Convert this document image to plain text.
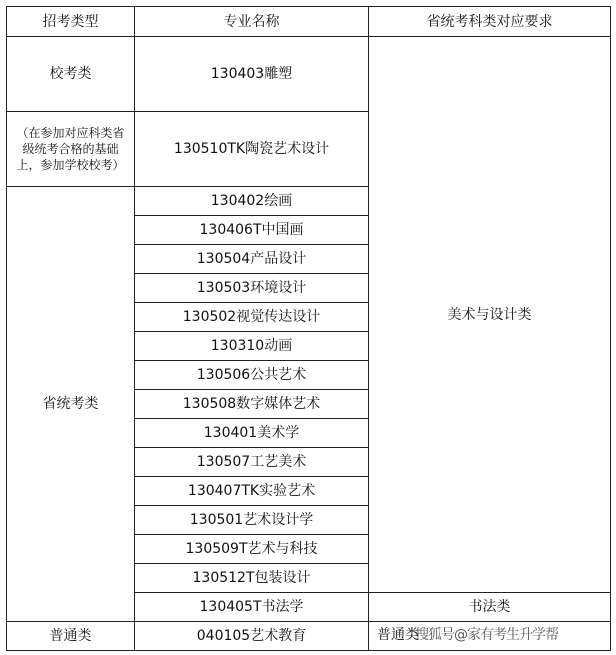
招考类型	专业名称	省统考科类对应要求
校考类	130403雕塑	美术与设计类
（在参加对应科类省级统考合格的基础上，参加学校校考）	130510TK陶瓷艺术设计	
省统考类	130402绘画	
	130406T中国画	
	130504产品设计	
	130503环境设计	
	130502视觉传达设计	
	130310动画	
	130506公共艺术	
	130508数字媒体艺术	
	130401美术学	
	130507工艺美术	
	130407TK实验艺术	
	130501艺术设计学	
	130509T艺术与科技	
	130512T包装设计	
	130405T书法学	书法类
普通类	040105艺术教育	普通类
搜狐号@家有考生升学帮
